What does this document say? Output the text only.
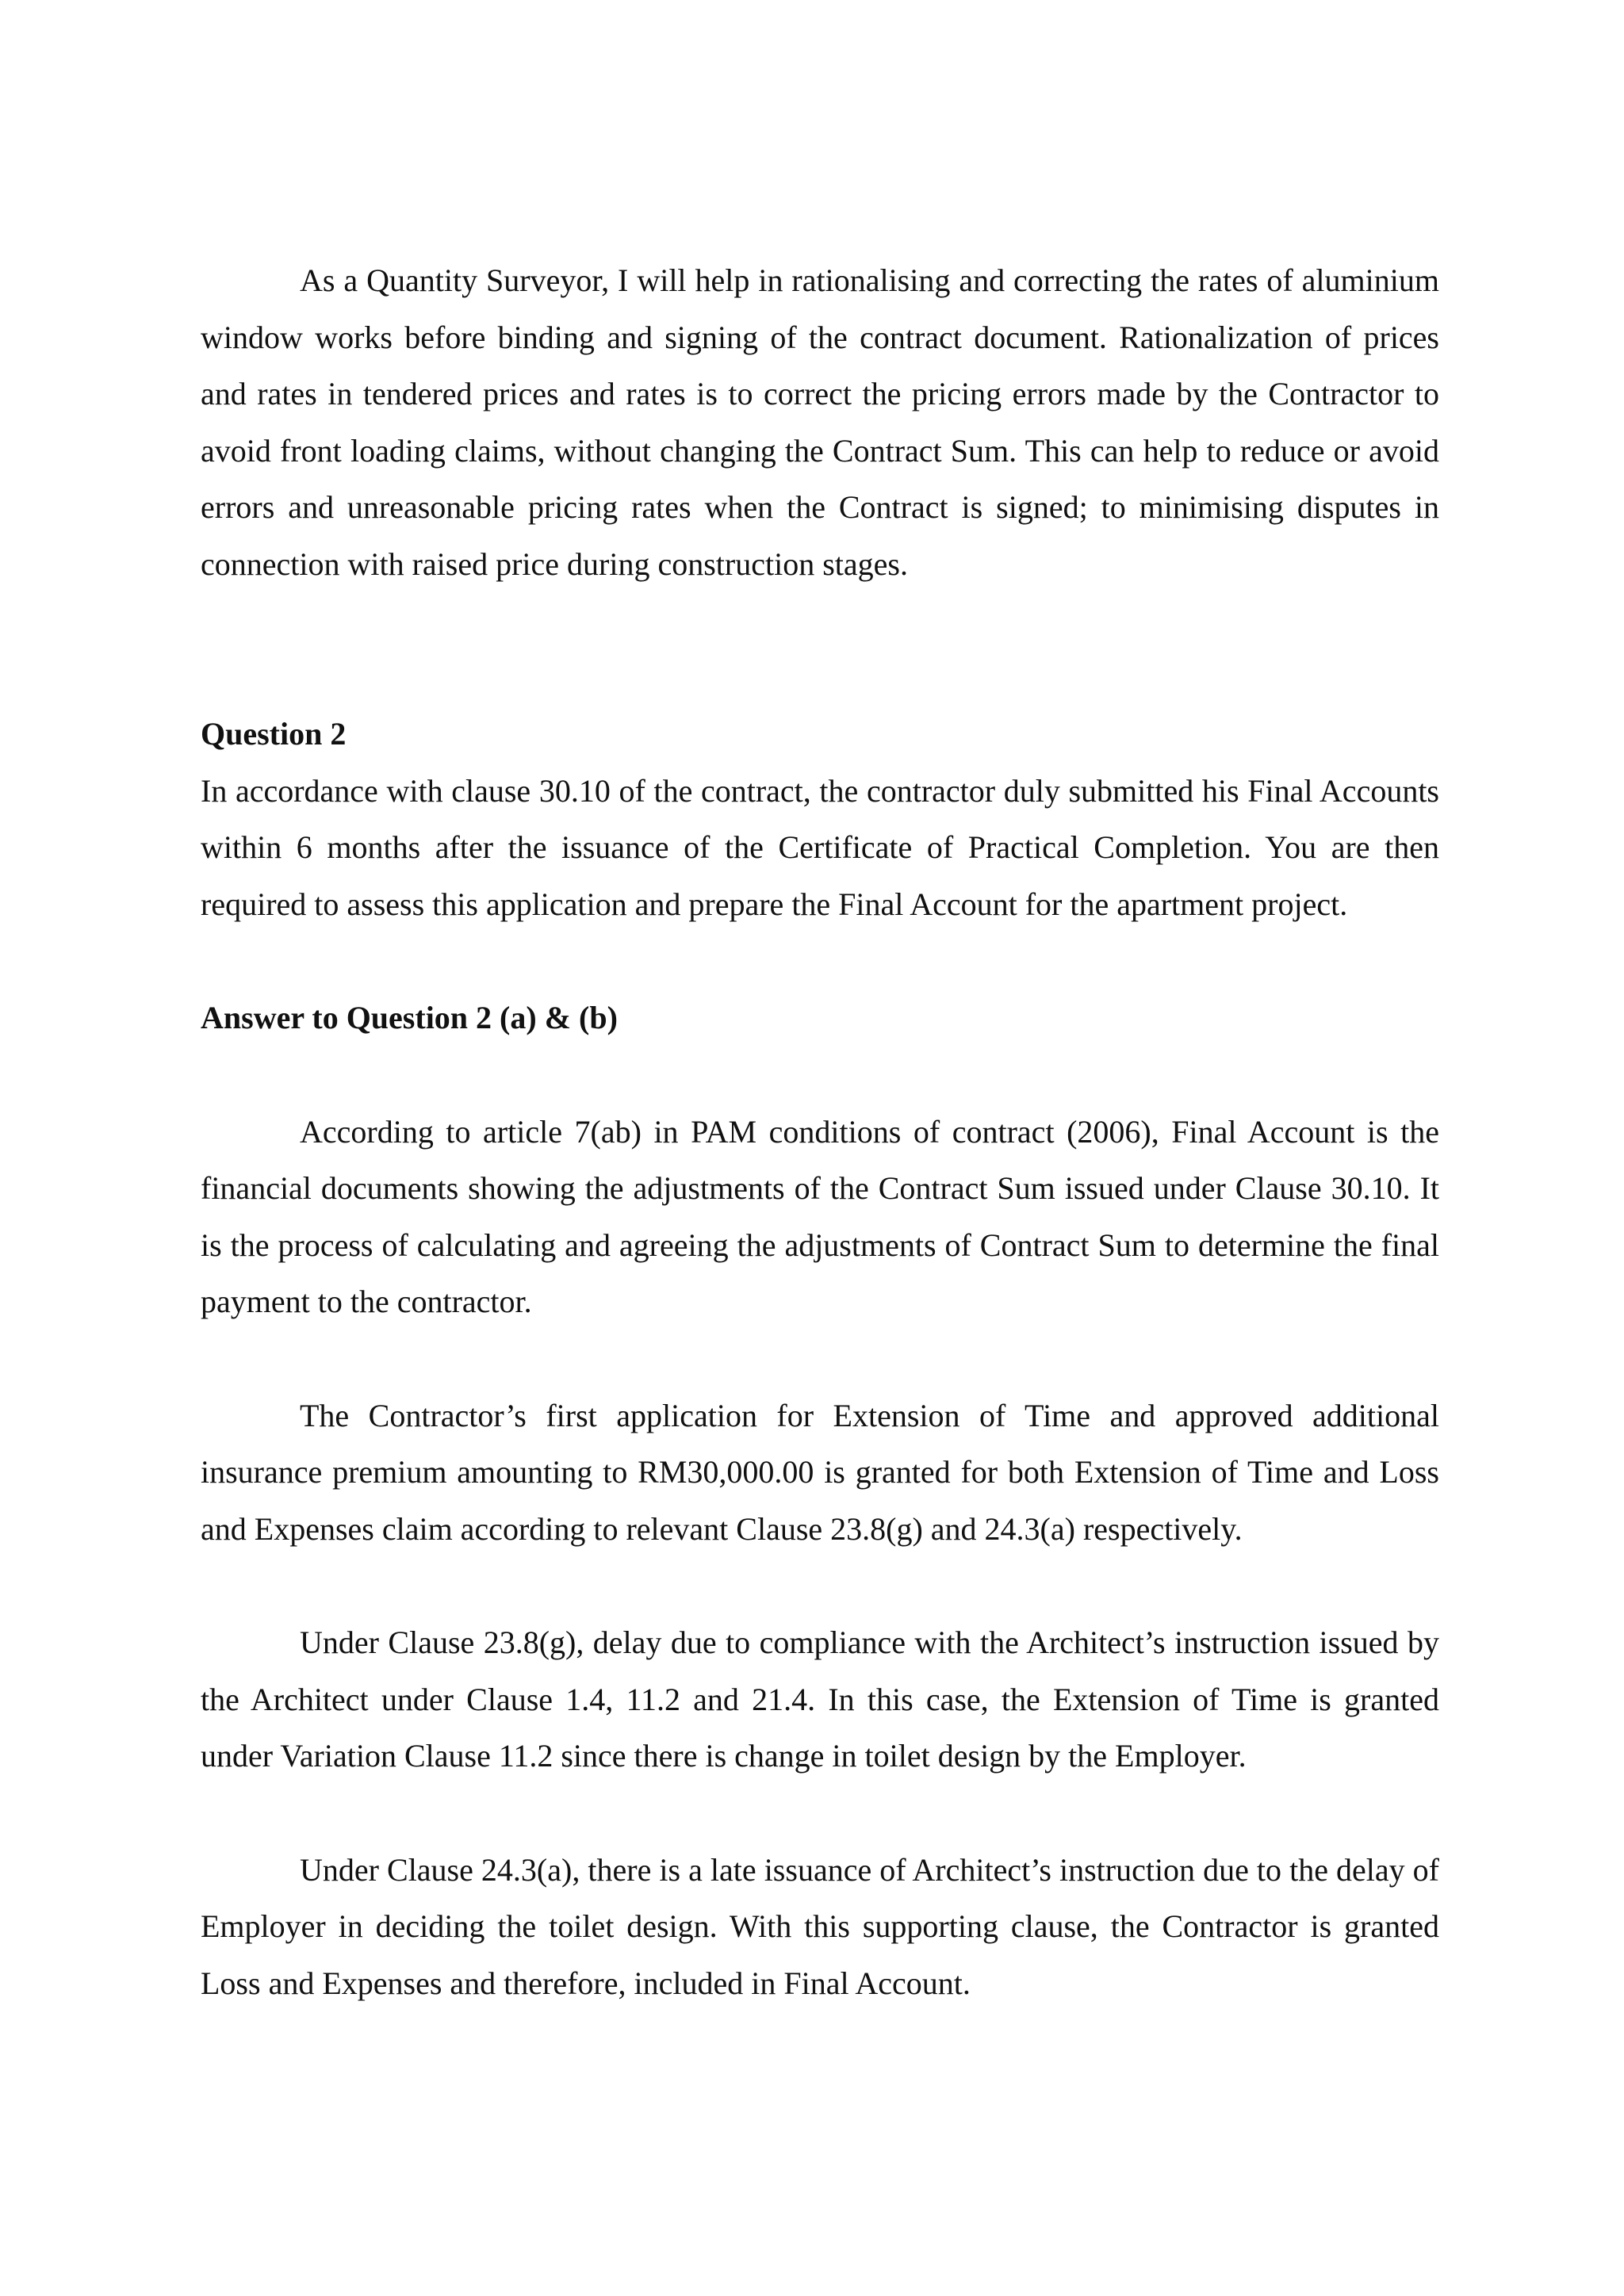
As a Quantity Surveyor, I will help in rationalising and correcting the rates of aluminium window works before binding and signing of the contract document. Rationalization of prices and rates in tendered prices and rates is to correct the pricing errors made by the Contractor to avoid front loading claims, without changing the Contract Sum. This can help to reduce or avoid errors and unreasonable pricing rates when the Contract is signed; to minimising disputes in connection with raised price during construction stages.

Question 2

In accordance with clause 30.10 of the contract, the contractor duly submitted his Final Accounts within 6 months after the issuance of the Certificate of Practical Completion. You are then required to assess this application and prepare the Final Account for the apartment project.

Answer to Question 2 (a) & (b)

According to article 7(ab) in PAM conditions of contract (2006), Final Account is the financial documents showing the adjustments of the Contract Sum issued under Clause 30.10. It is the process of calculating and agreeing the adjustments of Contract Sum to determine the final payment to the contractor.

The Contractor’s first application for Extension of Time and approved additional insurance premium amounting to RM30,000.00 is granted for both Extension of Time and Loss and Expenses claim according to relevant Clause 23.8(g) and 24.3(a) respectively.

Under Clause 23.8(g), delay due to compliance with the Architect’s instruction issued by the Architect under Clause 1.4, 11.2 and 21.4. In this case, the Extension of Time is granted under Variation Clause 11.2 since there is change in toilet design by the Employer.

Under Clause 24.3(a), there is a late issuance of Architect’s instruction due to the delay of Employer in deciding the toilet design. With this supporting clause, the Contractor is granted Loss and Expenses and therefore, included in Final Account.
